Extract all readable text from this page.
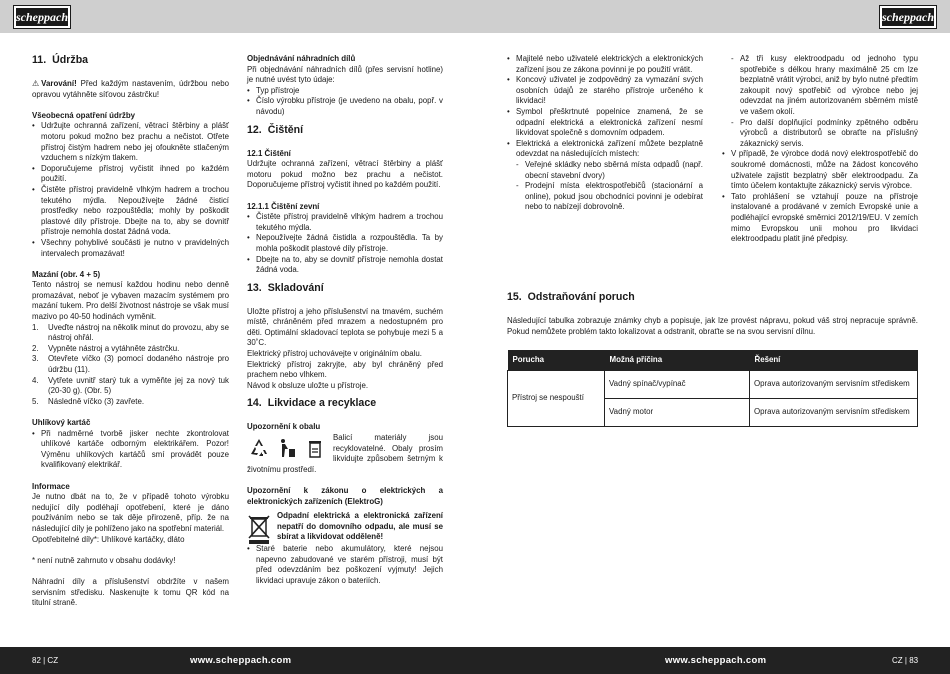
scheppach	scheppach
11. Údržba

⚠ Varování! Před každým nastavením, údržbou nebo opravou vytáhněte síťovou zástrčku!

Všeobecná opatření údržby

• Udržujte ochranná zařízení, větrací štěrbiny a plášť motoru pokud možno bez prachu a nečistot. Otřete přístroj čistým hadrem nebo jej ofoukněte stlačeným vzduchem s nízkým tlakem.
• Doporučujeme přístroj vyčistit ihned po každém použití.
• Čistěte přístroj pravidelně vlhkým hadrem a trochou tekutého mýdla. Nepoužívejte žádné čisticí prostředky nebo rozpouštědla; mohly by poškodit plastové díly přístroje. Dbejte na to, aby se dovnitř přístroje nemohla dostat žádná voda.
• Všechny pohyblivé součásti je nutno v pravidelných intervalech promazávat!

Mazání (obr. 4 + 5)

Tento nástroj se nemusí každou hodinu nebo denně promazávat, neboť je vybaven mazacím systémem pro mazání tukem. Pro delší životnost nástroje se však musí mazivo po 40-50 hodinách vyměnit.

1. Uveďte nástroj na několik minut do provozu, aby se nástroj ohřál.
2. Vypněte nástroj a vytáhněte zástrčku.
3. Otevřete víčko (3) pomocí dodaného nástroje pro údržbu (11).
4. Vytřete uvnitř starý tuk a vyměňte jej za nový tuk (20-30 g). (Obr. 5)
5. Následně víčko (3) zavřete.

Uhlíkový kartáč

• Při nadměrné tvorbě jisker nechte zkontrolovat uhlíkové kartáče odborným elektrikářem. Pozor! Výměnu uhlíkových kartáčů smí provádět pouze kvalifikovaný elektrikář.

Informace

Je nutno dbát na to, že v případě tohoto výrobku nedující díly podléhají opotřebení, které je dáno používáním nebo se tak děje přirozeně, příp. že na následující díly je pohlíženo jako na spotřební materiál.

Opotřebitelné díly*: Uhlíkové kartáčky, dláto

* není nutně zahrnuto v obsahu dodávky!

Náhradní díly a příslušenství obdržíte v našem servisním středisku. Naskenujte k tomu QR kód na titulní straně.

Objednávání náhradních dílů

Při objednávání náhradních dílů (přes servisní hotline) je nutné uvést tyto údaje:

• Typ přístroje
• Číslo výrobku přístroje (je uvedeno na obalu, popř. v návodu)
12. Čištění

12.1 Čištění

Udržujte ochranná zařízení, větrací štěrbiny a plášť motoru pokud možno bez prachu a nečistot. Doporučujeme přístroj vyčistit ihned po každém použití.

12.1.1 Čištění zevní

• Čistěte přístroj pravidelně vlhkým hadrem a trochou tekutého mýdla.
• Nepoužívejte žádná čistidla a rozpouštědla. Ta by mohla poškodit plastové díly přístroje.
• Dbejte na to, aby se dovnitř přístroje nemohla dostat žádná voda.
13. Skladování

Uložte přístroj a jeho příslušenství na tmavém, suchém místě, chráněném před mrazem a nedostupném pro děti. Optimální skladovací teplota se pohybuje mezi 5 a 30˚C.

Elektrický přístroj uchovávejte v originálním obalu.

Elektrický přístroj zakryjte, aby byl chráněný před prachem nebo vlhkem.

Návod k obsluze uložte u přístroje.

14. Likvidace a recyklace

Upozornění k obalu

Balicí materiály jsou recyklovatelné. Obaly prosím likvidujte způsobem šetrným k životnímu prostředí.

Upozornění k zákonu o elektrických a elektronických zařízeních (ElektroG)

Odpadní elektrická a elektronická zařízení nepatří do domovního odpadu, ale musí se sbírat a likvidovat odděleně!

• Staré baterie nebo akumulátory, které nejsou napevno zabudované ve starém přístroji, musí být před odevzdáním bez poškození vyjmuty! Jejich likvidaci upravuje zákon o bateriích.
• Majitelé nebo uživatelé elektrických a elektronických zařízení jsou ze zákona povinni je po použití vrátit.
• Koncový uživatel je zodpovědný za vymazání svých osobních údajů ze starého přístroje určeného k likvidaci!
• Symbol přeškrtnuté popelnice znamená, že se odpadní elektrická a elektronická zařízení nesmí likvidovat společně s domovním odpadem.
• Elektrická a elektronická zařízení můžete bezplatně odevzdat na následujících místech:
- Veřejné skládky nebo sběrná místa odpadů (např. obecní stavební dvory)
- Prodejní místa elektrospotřebičů (stacionární a online), pokud jsou obchodníci povinni je odebírat nebo to nabízejí dobrovolně.
- Až tři kusy elektroodpadu od jednoho typu spotřebiče s délkou hrany maximálně 25 cm lze bezplatně vrátit výrobci, aniž by bylo nutné předtím zakoupit nový spotřebič od výrobce nebo jej odevzdat na jiném autorizovaném sběrném místě ve vašem okolí.
- Pro další doplňující podmínky zpětného odběru výrobců a distributorů se obraťte na příslušný zákaznický servis.
• V případě, že výrobce dodá nový elektrospotřebič do soukromé domácnosti, může na žádost koncového uživatele zajistit bezplatný sběr elektroodpadu. Za tímto účelem kontaktujte zákaznický servis výrobce.
• Tato prohlášení se vztahují pouze na přístroje instalované a prodávané v zemích Evropské unie a podléhající evropské směrnici 2012/19/EU. V zemích mimo Evropskou unii mohou pro likvidaci elektroodpadu platit jiné předpisy.
15. Odstraňování poruch

Následující tabulka zobrazuje známky chyb a popisuje, jak lze provést nápravu, pokud váš stroj nepracuje správně. Pokud nemůžete problém takto lokalizovat a odstranit, obraťte se na svou servisní dílnu.

Porucha	Možná příčina	Řešení
Přístroj se nespouští	Vadný spínač/vypínač	Oprava autorizovaným servisním střediskem
	Vadný motor	Oprava autorizovaným servisním střediskem
82 | CZ	www.scheppach.com	www.scheppach.com	CZ | 83
